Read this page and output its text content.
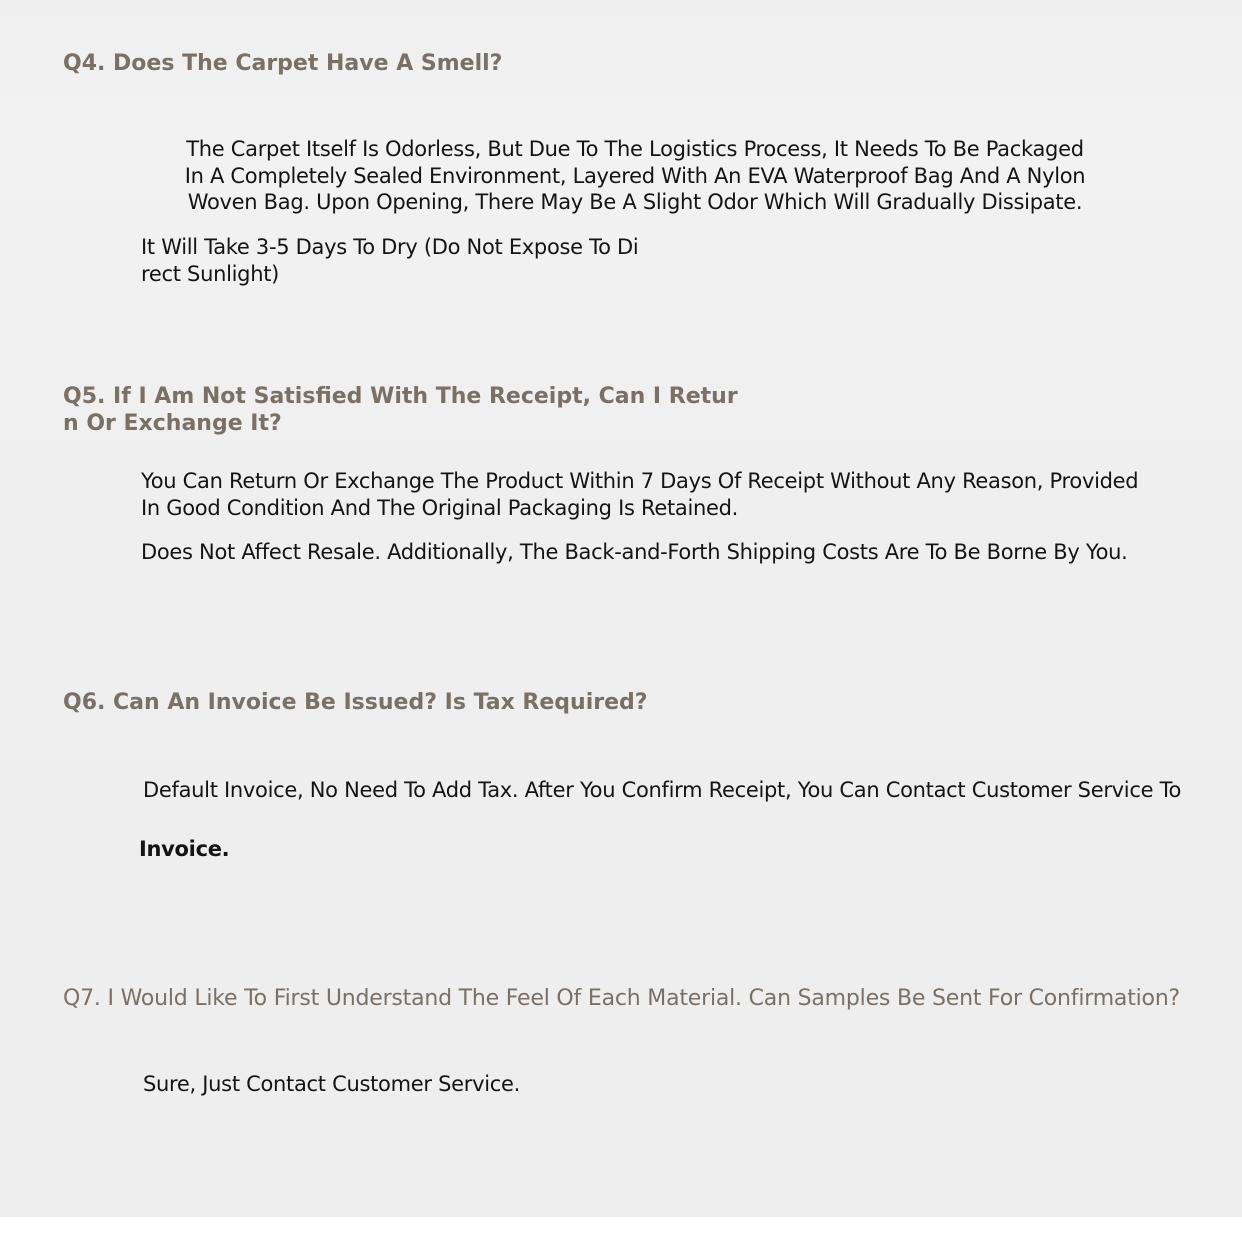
Q4. Does The Carpet Have A Smell?

The Carpet Itself Is Odorless, But Due To The Logistics Process, It Needs To Be Packaged
In A Completely Sealed Environment, Layered With An EVA Waterproof Bag And A Nylon
Woven Bag. Upon Opening, There May Be A Slight Odor Which Will Gradually Dissipate.

It Will Take 3-5 Days To Dry (Do Not Expose To Di
rect Sunlight)

Q5. If I Am Not Satisfied With The Receipt, Can I Retur
n Or Exchange It?

You Can Return Or Exchange The Product Within 7 Days Of Receipt Without Any Reason, Provided
In Good Condition And The Original Packaging Is Retained.

Does Not Affect Resale. Additionally, The Back-and-Forth Shipping Costs Are To Be Borne By You.

Q6. Can An Invoice Be Issued? Is Tax Required?

Default Invoice, No Need To Add Tax. After You Confirm Receipt, You Can Contact Customer Service To

Invoice.

Q7. I Would Like To First Understand The Feel Of Each Material. Can Samples Be Sent For Confirmation?

Sure, Just Contact Customer Service.
